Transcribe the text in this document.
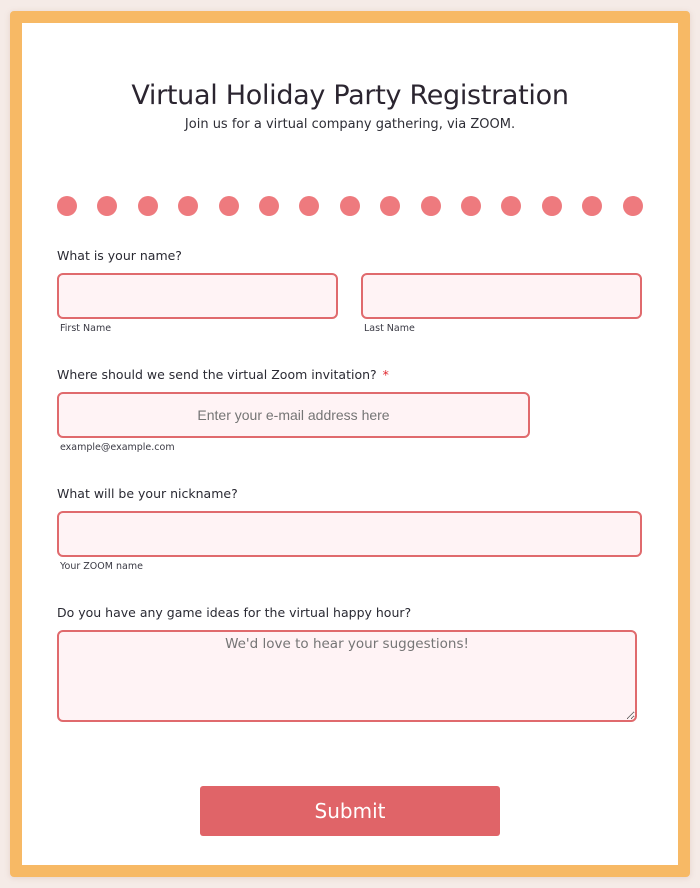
Virtual Holiday Party Registration
Join us for a virtual company gathering, via ZOOM.
What is your name?
First Name	Last Name
Where should we send the virtual Zoom invitation? *
Enter your e-mail address here
example@example.com
What will be your nickname?
Your ZOOM name
Do you have any game ideas for the virtual happy hour?
We'd love to hear your suggestions!
Submit
